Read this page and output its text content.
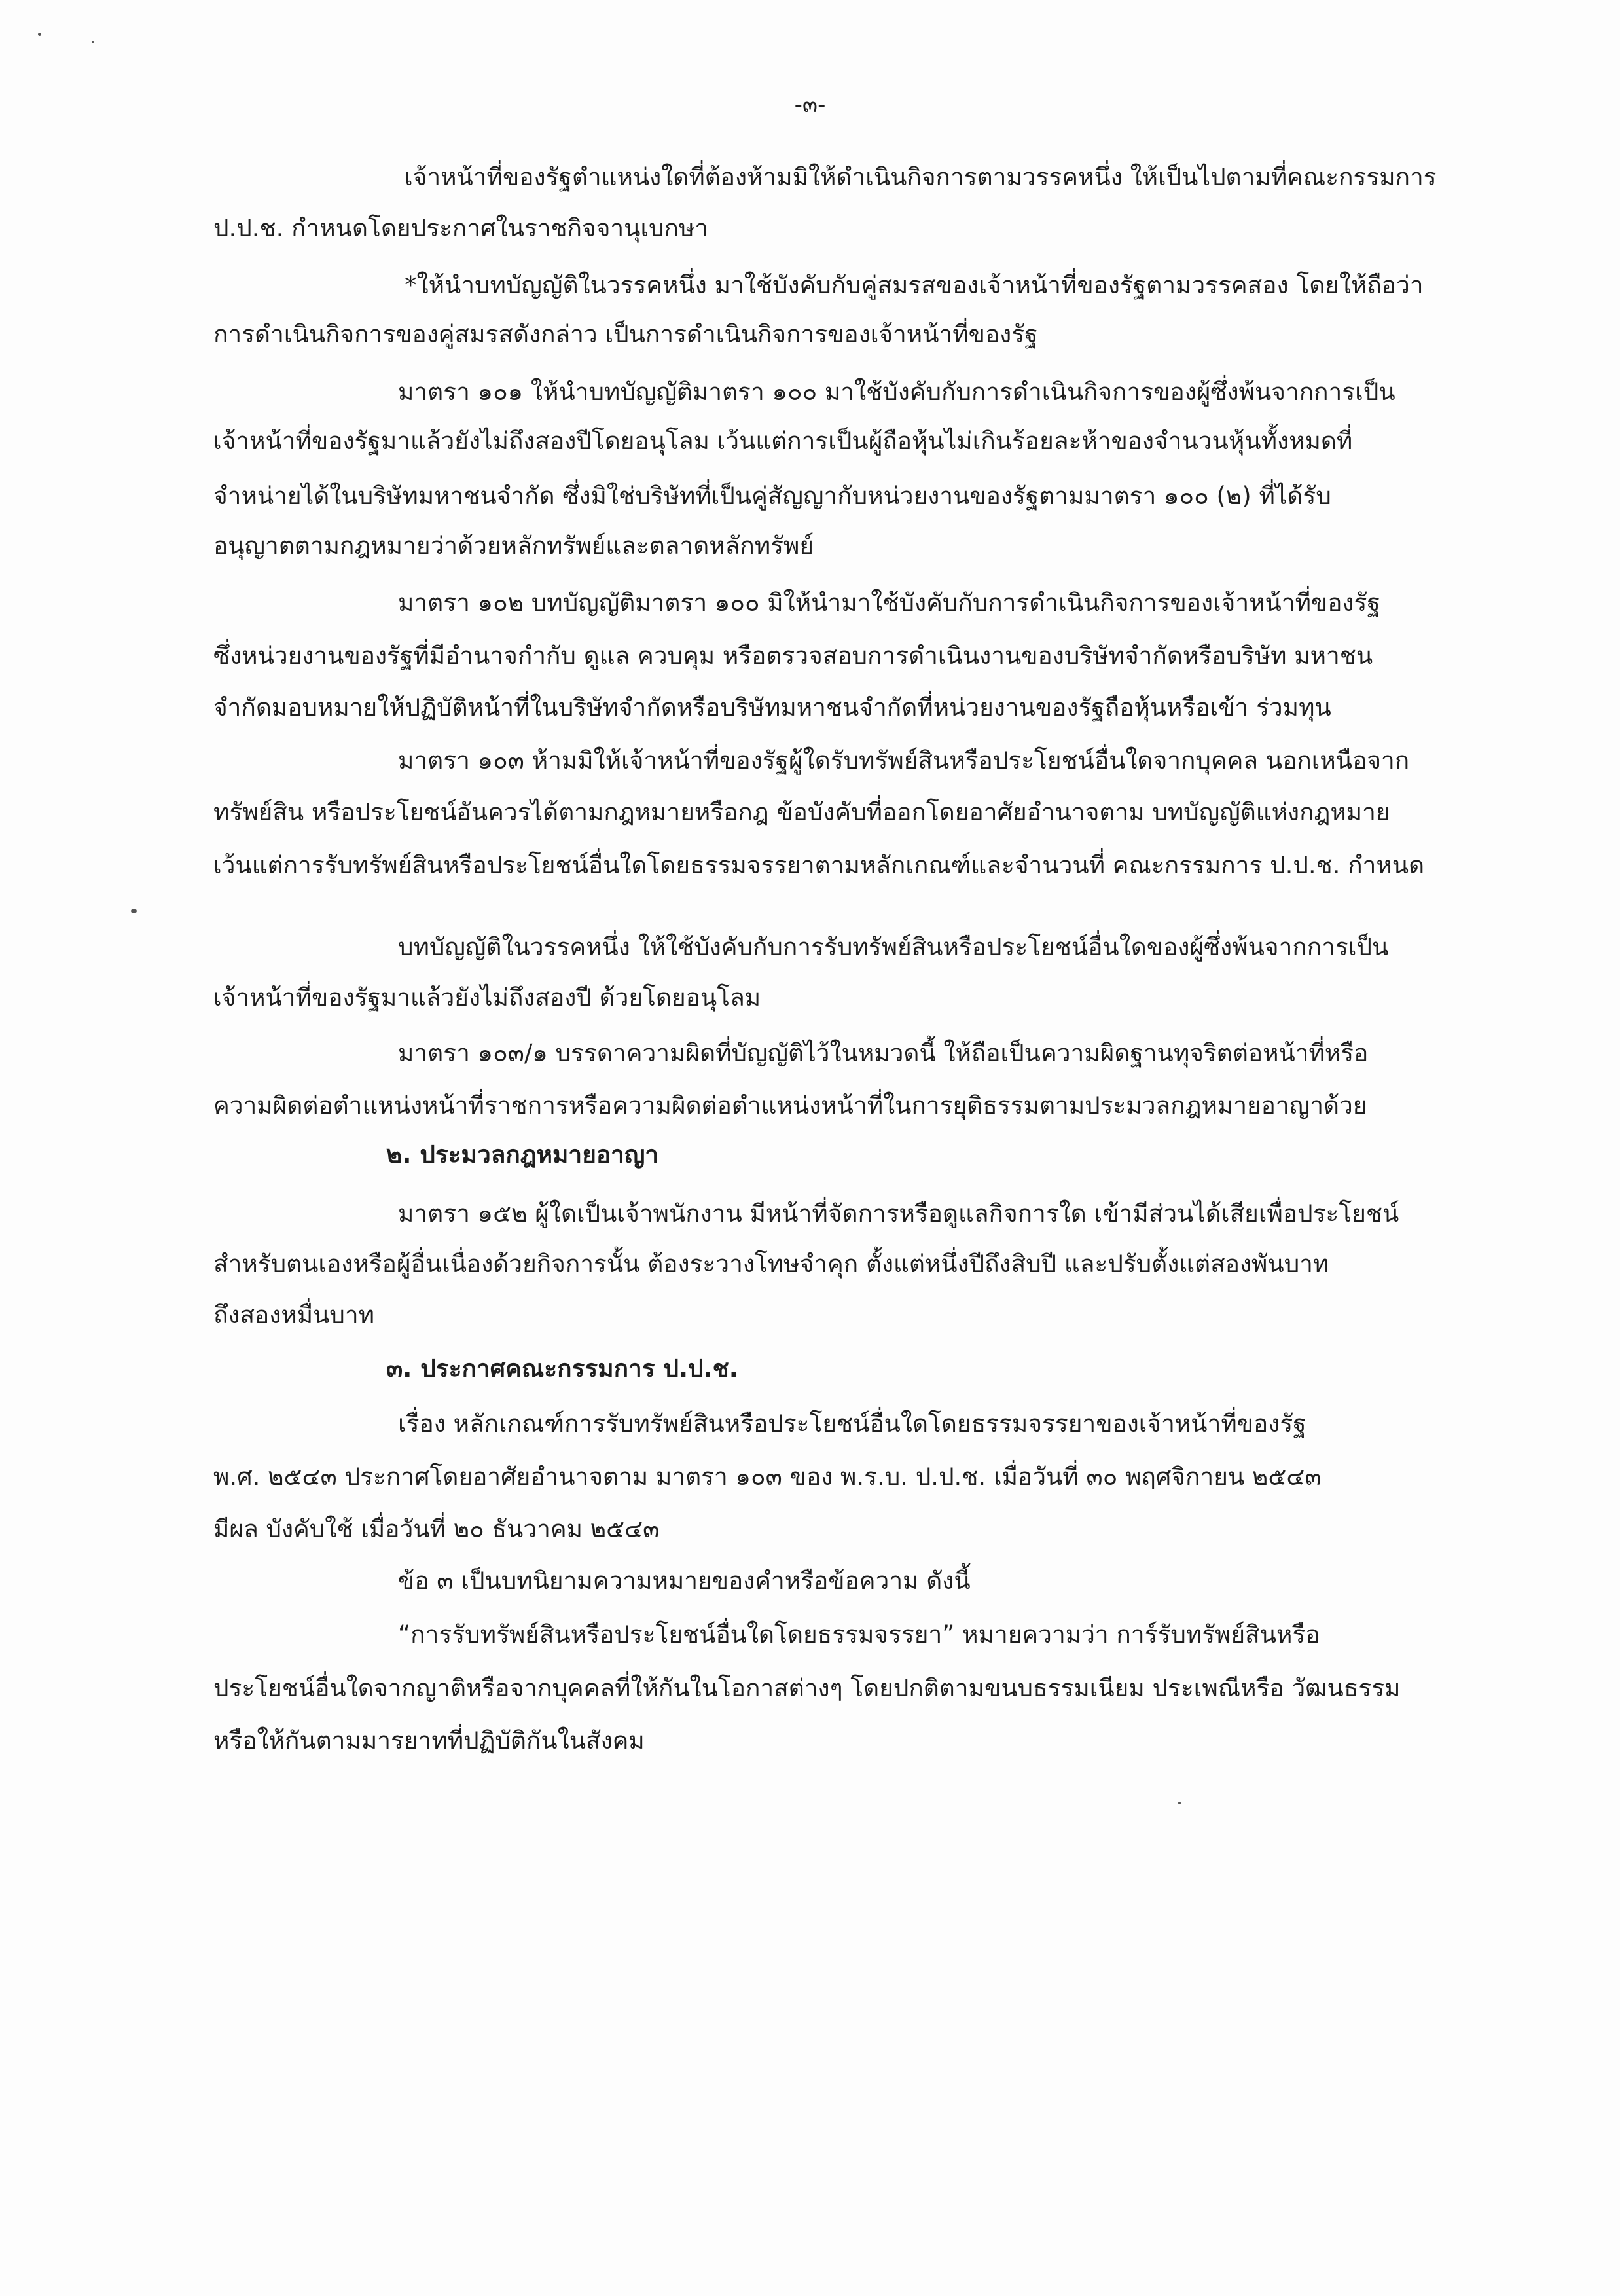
-๓-
เจ้าหน้าที่ของรัฐตำแหน่งใดที่ต้องห้ามมิให้ดำเนินกิจการตามวรรคหนึ่ง ให้เป็นไปตามที่คณะกรรมการ
ป.ป.ช. กำหนดโดยประกาศในราชกิจจานุเบกษา
*ให้นำบทบัญญัติในวรรคหนึ่ง มาใช้บังคับกับคู่สมรสของเจ้าหน้าที่ของรัฐตามวรรคสอง โดยให้ถือว่า
การดำเนินกิจการของคู่สมรสดังกล่าว เป็นการดำเนินกิจการของเจ้าหน้าที่ของรัฐ
มาตรา ๑๐๑ ให้นำบทบัญญัติมาตรา ๑๐๐ มาใช้บังคับกับการดำเนินกิจการของผู้ซึ่งพ้นจากการเป็น
เจ้าหน้าที่ของรัฐมาแล้วยังไม่ถึงสองปีโดยอนุโลม เว้นแต่การเป็นผู้ถือหุ้นไม่เกินร้อยละห้าของจำนวนหุ้นทั้งหมดที่
จำหน่ายได้ในบริษัทมหาชนจำกัด ซึ่งมิใช่บริษัทที่เป็นคู่สัญญากับหน่วยงานของรัฐตามมาตรา ๑๐๐ (๒) ที่ได้รับ
อนุญาตตามกฎหมายว่าด้วยหลักทรัพย์และตลาดหลักทรัพย์
มาตรา ๑๐๒ บทบัญญัติมาตรา ๑๐๐ มิให้นำมาใช้บังคับกับการดำเนินกิจการของเจ้าหน้าที่ของรัฐ
ซึ่งหน่วยงานของรัฐที่มีอำนาจกำกับ ดูแล ควบคุม หรือตรวจสอบการดำเนินงานของบริษัทจำกัดหรือบริษัท มหาชน
จำกัดมอบหมายให้ปฏิบัติหน้าที่ในบริษัทจำกัดหรือบริษัทมหาชนจำกัดที่หน่วยงานของรัฐถือหุ้นหรือเข้า ร่วมทุน
มาตรา ๑๐๓ ห้ามมิให้เจ้าหน้าที่ของรัฐผู้ใดรับทรัพย์สินหรือประโยชน์อื่นใดจากบุคคล นอกเหนือจาก
ทรัพย์สิน หรือประโยชน์อันควรได้ตามกฎหมายหรือกฎ ข้อบังคับที่ออกโดยอาศัยอำนาจตาม บทบัญญัติแห่งกฎหมาย
เว้นแต่การรับทรัพย์สินหรือประโยชน์อื่นใดโดยธรรมจรรยาตามหลักเกณฑ์และจำนวนที่ คณะกรรมการ ป.ป.ช. กำหนด
บทบัญญัติในวรรคหนึ่ง ให้ใช้บังคับกับการรับทรัพย์สินหรือประโยชน์อื่นใดของผู้ซึ่งพ้นจากการเป็น
เจ้าหน้าที่ของรัฐมาแล้วยังไม่ถึงสองปี ด้วยโดยอนุโลม
มาตรา ๑๐๓/๑ บรรดาความผิดที่บัญญัติไว้ในหมวดนี้ ให้ถือเป็นความผิดฐานทุจริตต่อหน้าที่หรือ
ความผิดต่อตำแหน่งหน้าที่ราชการหรือความผิดต่อตำแหน่งหน้าที่ในการยุติธรรมตามประมวลกฎหมายอาญาด้วย
๒. ประมวลกฎหมายอาญา
มาตรา ๑๕๒ ผู้ใดเป็นเจ้าพนักงาน มีหน้าที่จัดการหรือดูแลกิจการใด เข้ามีส่วนได้เสียเพื่อประโยชน์
สำหรับตนเองหรือผู้อื่นเนื่องด้วยกิจการนั้น ต้องระวางโทษจำคุก ตั้งแต่หนึ่งปีถึงสิบปี และปรับตั้งแต่สองพันบาท
ถึงสองหมื่นบาท
๓. ประกาศคณะกรรมการ ป.ป.ช.
เรื่อง หลักเกณฑ์การรับทรัพย์สินหรือประโยชน์อื่นใดโดยธรรมจรรยาของเจ้าหน้าที่ของรัฐ
พ.ศ. ๒๕๔๓ ประกาศโดยอาศัยอำนาจตาม มาตรา ๑๐๓ ของ พ.ร.บ. ป.ป.ช. เมื่อวันที่ ๓๐ พฤศจิกายน ๒๕๔๓
มีผล บังคับใช้ เมื่อวันที่ ๒๐ ธันวาคม ๒๕๔๓
ข้อ ๓ เป็นบทนิยามความหมายของคำหรือข้อความ ดังนี้
“การรับทรัพย์สินหรือประโยชน์อื่นใดโดยธรรมจรรยา” หมายความว่า การ์รับทรัพย์สินหรือ
ประโยชน์อื่นใดจากญาติหรือจากบุคคลที่ให้กันในโอกาสต่างๆ โดยปกติตามขนบธรรมเนียม ประเพณีหรือ วัฒนธรรม
หรือให้กันตามมารยาทที่ปฏิบัติกันในสังคม
